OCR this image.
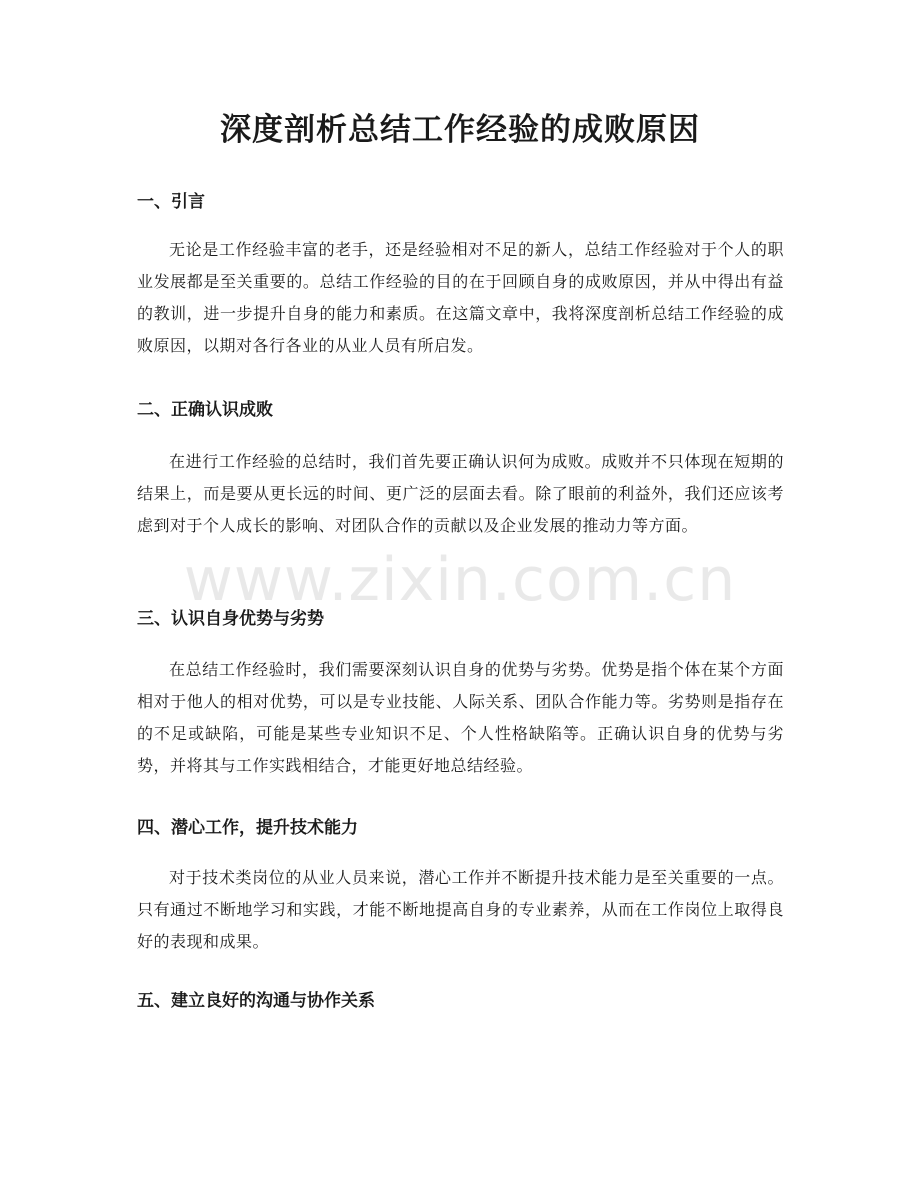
深度剖析总结工作经验的成败原因
www.zixin.com.cn
一、引言

无论是工作经验丰富的老手，还是经验相对不足的新人，总结工作经验对于个人的职业发展都是至关重要的。总结工作经验的目的在于回顾自身的成败原因，并从中得出有益的教训，进一步提升自身的能力和素质。在这篇文章中，我将深度剖析总结工作经验的成败原因，以期对各行各业的从业人员有所启发。

二、正确认识成败

在进行工作经验的总结时，我们首先要正确认识何为成败。成败并不只体现在短期的结果上，而是要从更长远的时间、更广泛的层面去看。除了眼前的利益外，我们还应该考虑到对于个人成长的影响、对团队合作的贡献以及企业发展的推动力等方面。

三、认识自身优势与劣势

在总结工作经验时，我们需要深刻认识自身的优势与劣势。优势是指个体在某个方面相对于他人的相对优势，可以是专业技能、人际关系、团队合作能力等。劣势则是指存在的不足或缺陷，可能是某些专业知识不足、个人性格缺陷等。正确认识自身的优势与劣势，并将其与工作实践相结合，才能更好地总结经验。

四、潜心工作，提升技术能力

对于技术类岗位的从业人员来说，潜心工作并不断提升技术能力是至关重要的一点。只有通过不断地学习和实践，才能不断地提高自身的专业素养，从而在工作岗位上取得良好的表现和成果。

五、建立良好的沟通与协作关系
